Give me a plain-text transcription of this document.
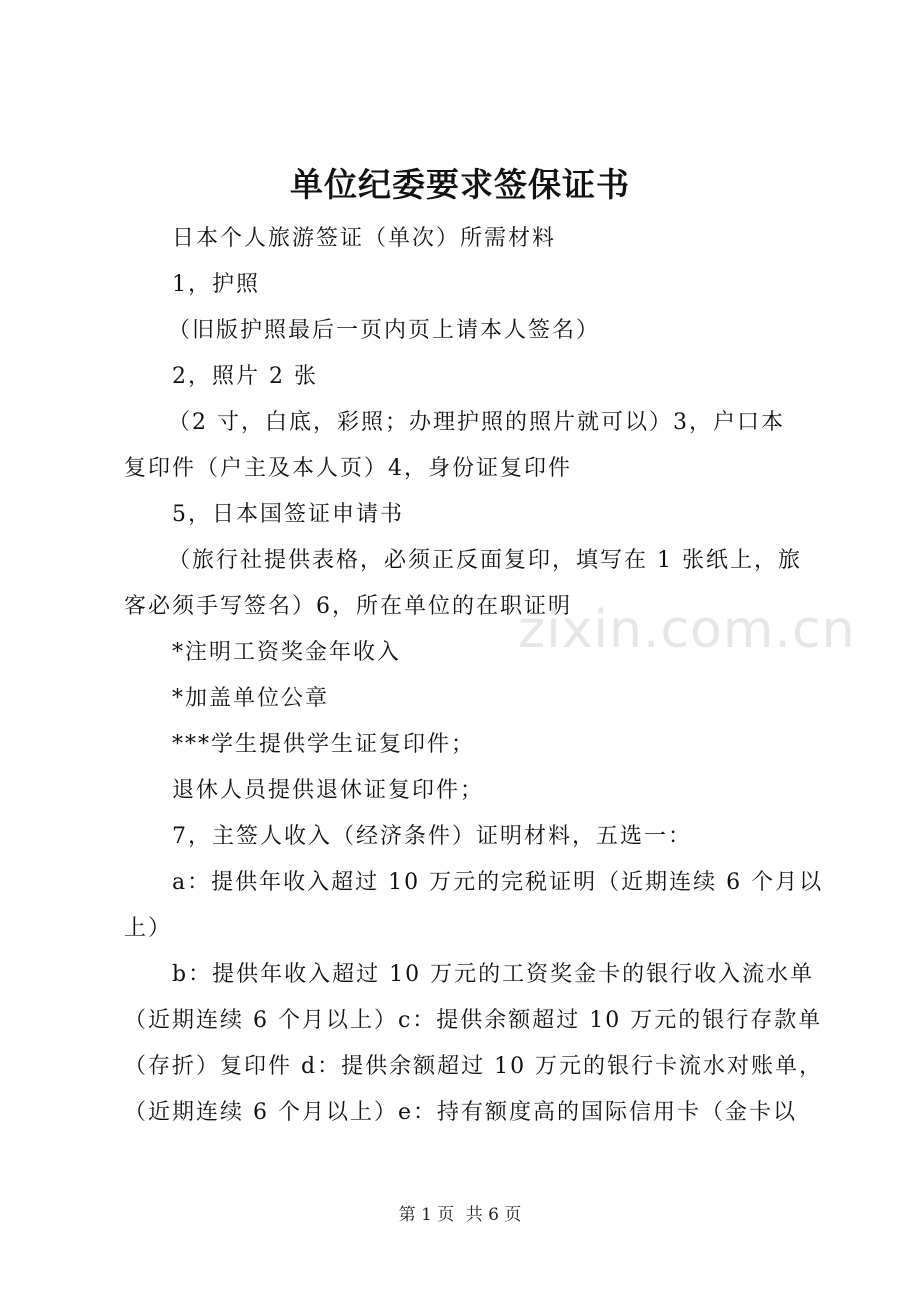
单位纪委要求签保证书
日本个人旅游签证（单次）所需材料
1，护照
（旧版护照最后一页内页上请本人签名）
2，照片 2 张
（2 寸，白底，彩照；办理护照的照片就可以）3，户口本
复印件（户主及本人页）4，身份证复印件
5，日本国签证申请书
（旅行社提供表格，必须正反面复印，填写在 1 张纸上，旅
客必须手写签名）6，所在单位的在职证明
*注明工资奖金年收入
*加盖单位公章
***学生提供学生证复印件；
退休人员提供退休证复印件；
7，主签人收入（经济条件）证明材料，五选一：
a：提供年收入超过 10 万元的完税证明（近期连续 6 个月以
上）
b：提供年收入超过 10 万元的工资奖金卡的银行收入流水单
（近期连续 6 个月以上）c：提供余额超过 10 万元的银行存款单
（存折）复印件 d：提供余额超过 10 万元的银行卡流水对账单，
（近期连续 6 个月以上）e：持有额度高的国际信用卡（金卡以
zixin.com.cn
第 1 页 共 6 页
